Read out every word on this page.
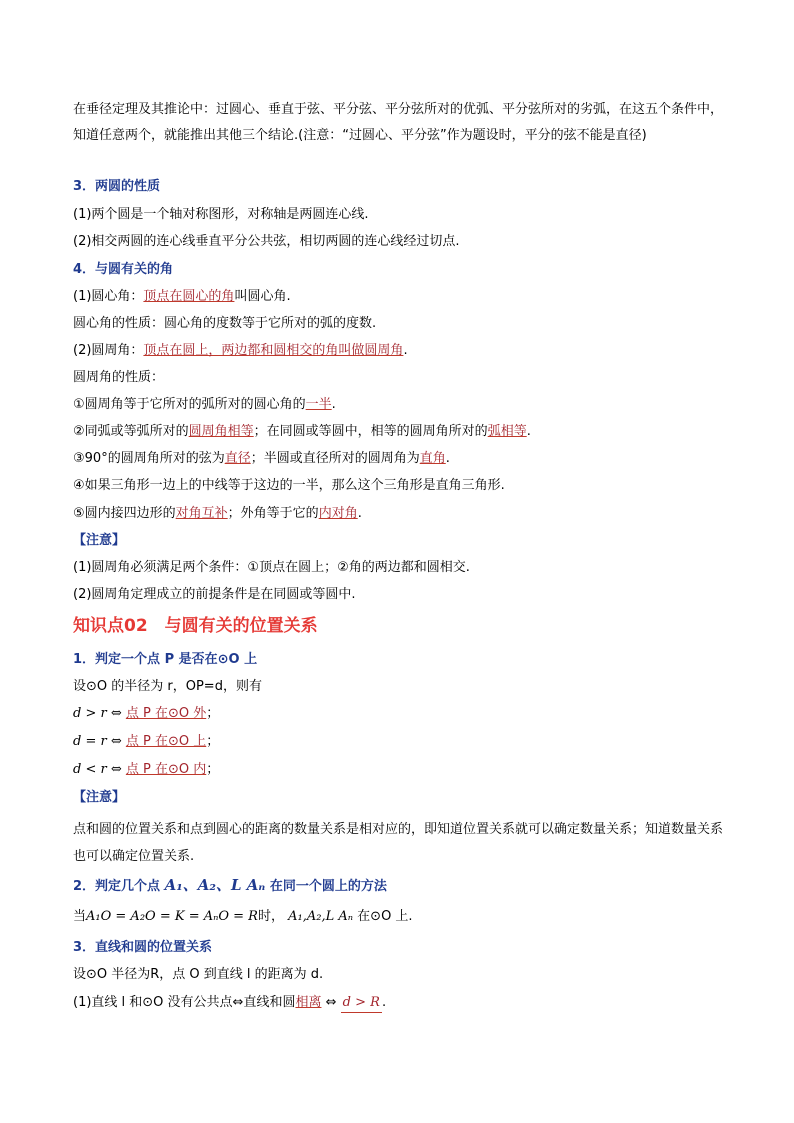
在垂径定理及其推论中：过圆心、垂直于弦、平分弦、平分弦所对的优弧、平分弦所对的劣弧，在这五个条件中，知道任意两个，就能推出其他三个结论.(注意：“过圆心、平分弦”作为题设时，平分的弦不能是直径)
3．两圆的性质
(1)两个圆是一个轴对称图形，对称轴是两圆连心线.
(2)相交两圆的连心线垂直平分公共弦，相切两圆的连心线经过切点.
4．与圆有关的角
(1)圆心角：顶点在圆心的角叫圆心角.
圆心角的性质：圆心角的度数等于它所对的弧的度数.
(2)圆周角：顶点在圆上，两边都和圆相交的角叫做圆周角.
圆周角的性质：
①圆周角等于它所对的弧所对的圆心角的一半.
②同弧或等弧所对的圆周角相等；在同圆或等圆中，相等的圆周角所对的弧相等.
③90°的圆周角所对的弦为直径；半圆或直径所对的圆周角为直角.
④如果三角形一边上的中线等于这边的一半，那么这个三角形是直角三角形.
⑤圆内接四边形的对角互补；外角等于它的内对角.
【注意】
(1)圆周角必须满足两个条件：①顶点在圆上；②角的两边都和圆相交.
(2)圆周角定理成立的前提条件是在同圆或等圆中.
知识点02　与圆有关的位置关系
1．判定一个点 P 是否在⊙O 上
设⊙O 的半径为 r，OP=d，则有
d > r ⇔ 点 P 在⊙O 外；
d = r ⇔ 点 P 在⊙O 上；
d < r ⇔ 点 P 在⊙O 内；
【注意】
点和圆的位置关系和点到圆心的距离的数量关系是相对应的，即知道位置关系就可以确定数量关系；知道数量关系也可以确定位置关系.
2．判定几个点 A₁、A₂、L Aₙ 在同一个圆上的方法
当A₁O = A₂O = K = AₙO = R时， A₁,A₂,L Aₙ 在⊙O 上.
3．直线和圆的位置关系
设⊙O 半径为R，点 O 到直线 l 的距离为 d.
(1)直线 l 和⊙O 没有公共点⇔直线和圆相离 ⇔ d > R .
